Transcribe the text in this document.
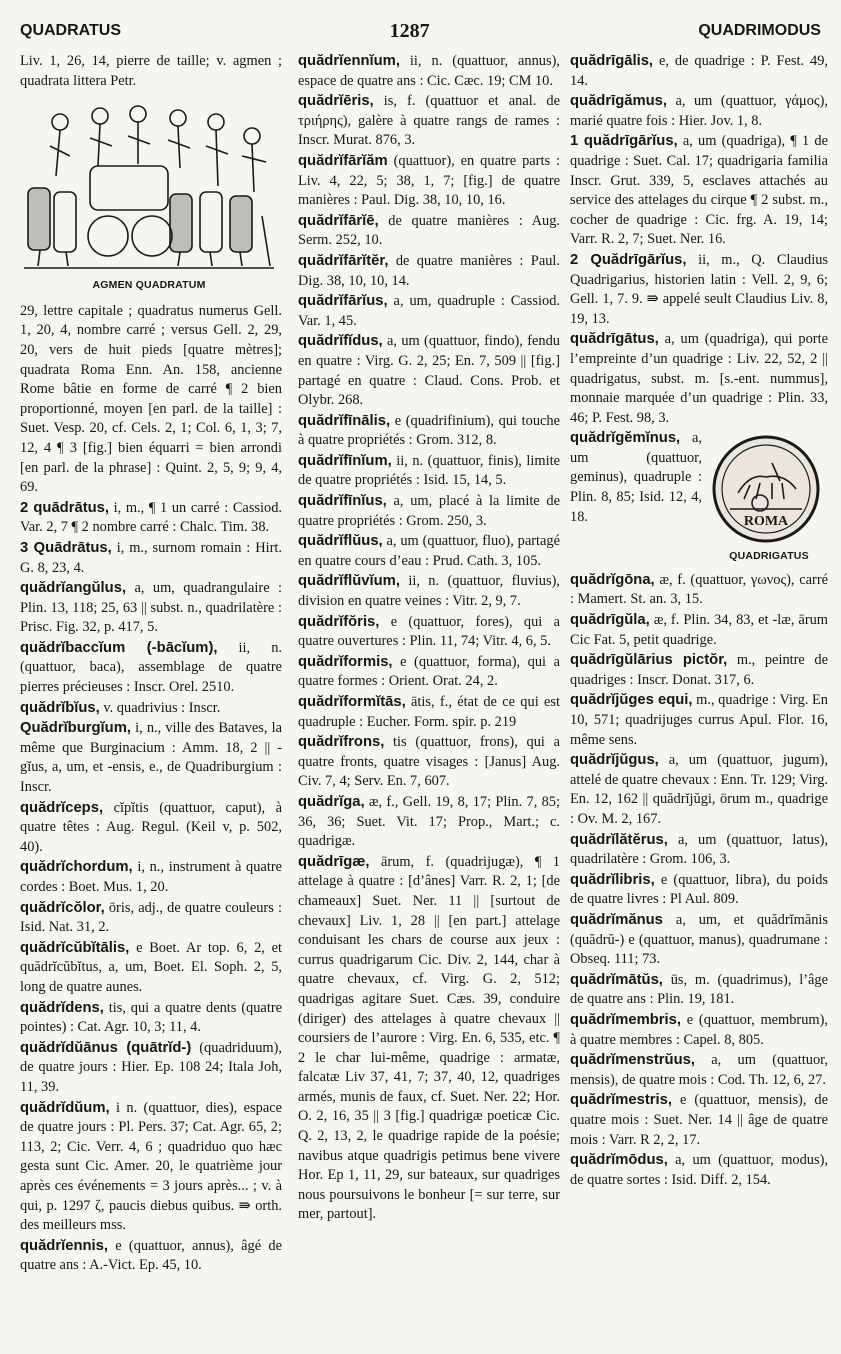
QUADRATUS	1287	QUADRIMODUS

Liv. 1, 26, 14, pierre de taille; v. agmen ; quadrata littera Petr.

AGMEN QUADRATUM

29, lettre capitale ; quadratus numerus Gell. 1, 20, 4, nombre carré ; versus Gell. 2, 29, 20, vers de huit pieds [quatre mètres]; quadrata Roma Enn. An. 158, ancienne Rome bâtie en forme de carré ¶ 2 bien proportionné, moyen [en parl. de la taille] : Suet. Vesp. 20, cf. Cels. 2, 1; Col. 6, 1, 3; 7, 12, 4 ¶ 3 [fig.] bien équarri = bien arrondi [en parl. de la phrase] : Quint. 2, 5, 9; 9, 4, 69.

2 quādrātus, i, m., ¶ 1 un carré : Cassiod. Var. 2, 7 ¶ 2 nombre carré : Chalc. Tim. 38.

3 Quādrātus, i, m., surnom romain : Hirt. G. 8, 23, 4.

quădrĭangŭlus, a, um, quadrangulaire : Plin. 13, 118; 25, 63 || subst. n., quadrilatère : Prisc. Fig. 32, p. 417, 5.

quădrĭbaccĭum (-bācĭum), ii, n. (quattuor, baca), assemblage de quatre pierres précieuses : Inscr. Orel. 2510.

quădrĭbĭus, v. quadrivius : Inscr.

Quădrĭburgĭum, i, n., ville des Bataves, la même que Burginacium : Amm. 18, 2 || -gĭus, a, um, et -ensis, e., de Quadriburgium : Inscr.

quădrĭceps, cĭpĭtis (quattuor, caput), à quatre têtes : Aug. Regul. (Keil v, p. 502, 40).

quădrĭchordum, i, n., instrument à quatre cordes : Boet. Mus. 1, 20.

quădrĭcŏlor, ōris, adj., de quatre couleurs : Isid. Nat. 31, 2.

quădrĭcŭbĭtālis, e Boet. Ar top. 6, 2, et quădrĭcŭbĭtus, a, um, Boet. El. Soph. 2, 5, long de quatre aunes.

quădrĭdens, tis, qui a quatre dents (quatre pointes) : Cat. Agr. 10, 3; 11, 4.

quădrĭdŭānus (quātrĭd-) (quadriduum), de quatre jours : Hier. Ep. 108 24; Itala Joh, 11, 39.

quădrĭdŭum, i n. (quattuor, dies), espace de quatre jours : Pl. Pers. 37; Cat. Agr. 65, 2; 113, 2; Cic. Verr. 4, 6 ; quadriduo quo hæc gesta sunt Cic. Amer. 20, le quatrième jour après ces événements = 3 jours après... ; v. à qui, p. 1297 ζ, paucis diebus quibus. ⇛ orth. des meilleurs mss.

quădrĭennis, e (quattuor, annus), âgé de quatre ans : A.-Vict. Ep. 45, 10.

quădrĭennĭum, ii, n. (quattuor, annus), espace de quatre ans : Cic. Cæc. 19; CM 10.

quădrĭēris, is, f. (quattuor et anal. de τριήρης), galère à quatre rangs de rames : Inscr. Murat. 876, 3.

quădrĭfārĭăm (quattuor), en quatre parts : Liv. 4, 22, 5; 38, 1, 7; [fig.] de quatre manières : Paul. Dig. 38, 10, 10, 16.

quădrĭfārĭē, de quatre manières : Aug. Serm. 252, 10.

quădrĭfārĭtĕr, de quatre manières : Paul. Dig. 38, 10, 10, 14.

quădrĭfārĭus, a, um, quadruple : Cassiod. Var. 1, 45.

quădrĭfĭdus, a, um (quattuor, findo), fendu en quatre : Virg. G. 2, 25; En. 7, 509 || [fig.] partagé en quatre : Claud. Cons. Prob. et Olybr. 268.

quădrĭfīnālis, e (quadrifinium), qui touche à quatre propriétés : Grom. 312, 8.

quădrĭfīnĭum, ii, n. (quattuor, finis), limite de quatre propriétés : Isid. 15, 14, 5.

quădrĭfīnĭus, a, um, placé à la limite de quatre propriétés : Grom. 250, 3.

quădrĭflŭus, a, um (quattuor, fluo), partagé en quatre cours d’eau : Prud. Cath. 3, 105.

quădrĭflŭvĭum, ii, n. (quattuor, fluvius), division en quatre veines : Vitr. 2, 9, 7.

quădrĭfŏris, e (quattuor, fores), qui a quatre ouvertures : Plin. 11, 74; Vitr. 4, 6, 5.

quădrĭformis, e (quattuor, forma), qui a quatre formes : Orient. Orat. 24, 2.

quădrĭformĭtās, ātis, f., état de ce qui est quadruple : Eucher. Form. spir. p. 219

quădrĭfrons, tis (quattuor, frons), qui a quatre fronts, quatre visages : [Janus] Aug. Civ. 7, 4; Serv. En. 7, 607.

quădrĭga, æ, f., Gell. 19, 8, 17; Plin. 7, 85; 36, 36; Suet. Vit. 17; Prop., Mart.; c. quadrigæ.

quădrīgæ, ārum, f. (quadrijugæ), ¶ 1 attelage à quatre : [d’ânes] Varr. R. 2, 1; [de chameaux] Suet. Ner. 11 || [surtout de chevaux] Liv. 1, 28 || [en part.] attelage conduisant les chars de course aux jeux : currus quadrigarum Cic. Div. 2, 144, char à quatre chevaux, cf. Virg. G. 2, 512; quadrigas agitare Suet. Cæs. 39, conduire (diriger) des attelages à quatre chevaux || coursiers de l’aurore : Virg. En. 6, 535, etc. ¶ 2 le char lui-même, quadrige : armatæ, falcatæ Liv 37, 41, 7; 37, 40, 12, quadriges armés, munis de faux, cf. Suet. Ner. 22; Hor. O. 2, 16, 35 || 3 [fig.] quadrigæ poeticæ Cic. Q. 2, 13, 2, le quadrige rapide de la poésie; navibus atque quadrigis petimus bene vivere Hor. Ep 1, 11, 29, sur bateaux, sur quadriges nous poursuivons le bonheur [= sur terre, sur mer, partout].

quădrīgālis, e, de quadrige : P. Fest. 49, 14.

quădrīgămus, a, um (quattuor, γάμος), marié quatre fois : Hier. Jov. 1, 8.

1 quădrīgārĭus, a, um (quadriga), ¶ 1 de quadrige : Suet. Cal. 17; quadrigaria familia Inscr. Grut. 339, 5, esclaves attachés au service des attelages du cirque ¶ 2 subst. m., cocher de quadrige : Cic. frg. A. 19, 14; Varr. R. 2, 7; Suet. Ner. 16.

2 Quădrīgārĭus, ii, m., Q. Claudius Quadrigarius, historien latin : Vell. 2, 9, 6; Gell. 1, 7. 9. ⇛ appelé seult Claudius Liv. 8, 19, 13.

quădrīgātus, a, um (quadriga), qui porte l’empreinte d’un quadrige : Liv. 22, 52, 2 || quadrigatus, subst. m. [s.-ent. nummus], monnaie marquée d’un quadrige : Plin. 33, 46; P. Fest. 98, 3.

ROMA
QUADRIGATUS

quădrĭgĕmĭnus, a, um (quattuor, geminus), quadruple : Plin. 8, 85; Isid. 12, 4, 18.

quădrĭgōna, æ, f. (quattuor, γωνος), carré : Mamert. St. an. 3, 15.

quădrīgŭla, æ, f. Plin. 34, 83, et -læ, ārum Cic Fat. 5, petit quadrige.

quădrīgŭlārius pictŏr, m., peintre de quadriges : Inscr. Donat. 317, 6.

quădrĭjŭges equi, m., quadrige : Virg. En 10, 571; quadrijuges currus Apul. Flor. 16, même sens.

quădrĭjŭgus, a, um (quattuor, jugum), attelé de quatre chevaux : Enn. Tr. 129; Virg. En. 12, 162 || quădrĭjŭgi, ōrum m., quadrige : Ov. M. 2, 167.

quădrĭlătĕrus, a, um (quattuor, latus), quadrilatère : Grom. 106, 3.

quădrĭlibris, e (quattuor, libra), du poids de quatre livres : Pl Aul. 809.

quădrĭmănus a, um, et quădrĭmănis (quădrŭ-) e (quattuor, manus), quadrumane : Obseq. 111; 73.

quădrĭmātŭs, ūs, m. (quadrimus), l’âge de quatre ans : Plin. 19, 181.

quădrĭmembris, e (quattuor, membrum), à quatre membres : Capel. 8, 805.

quădrĭmenstrŭus, a, um (quattuor, mensis), de quatre mois : Cod. Th. 12, 6, 27.

quădrĭmestris, e (quattuor, mensis), de quatre mois : Suet. Ner. 14 || âge de quatre mois : Varr. R 2, 2, 17.

quădrĭmōdus, a, um (quattuor, modus), de quatre sortes : Isid. Diff. 2, 154.
